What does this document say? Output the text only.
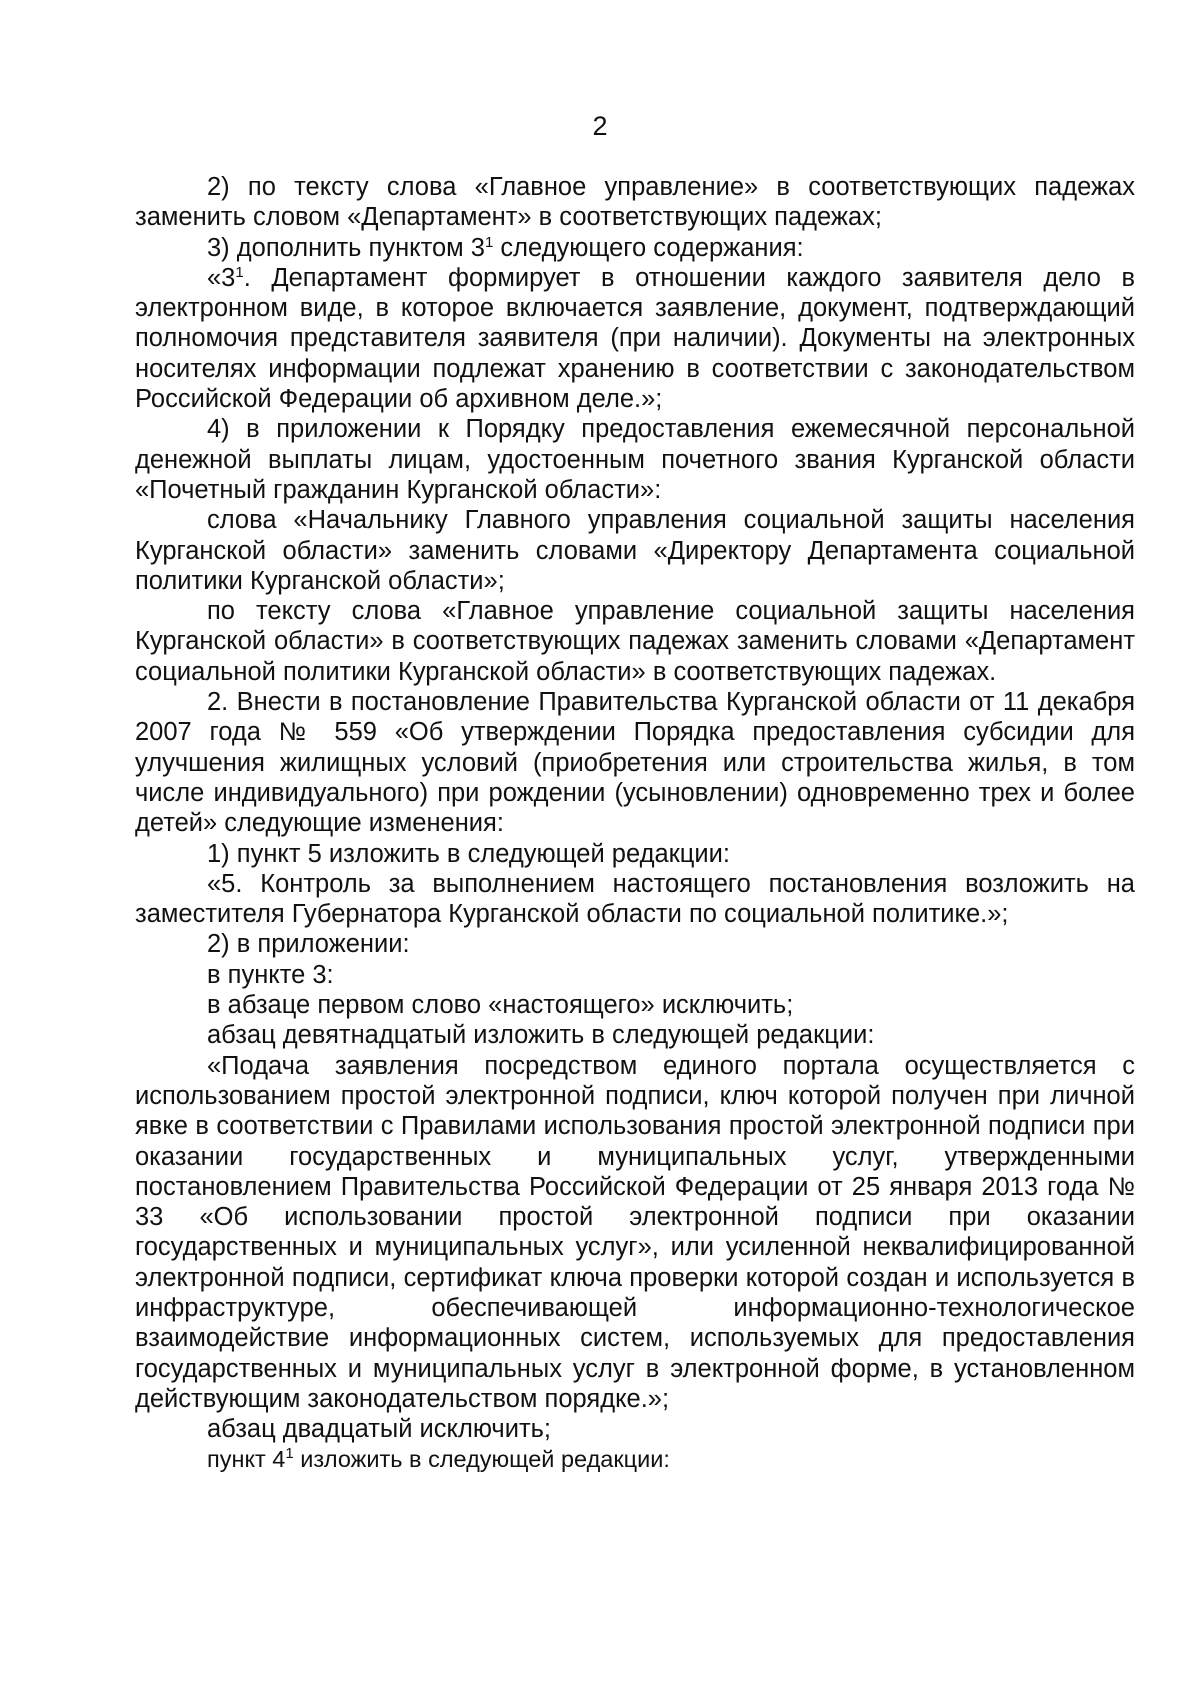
2

2) по тексту слова «Главное управление» в соответствующих падежах заменить словом «Департамент» в соответствующих падежах;

3) дополнить пунктом $3^1$ следующего содержания:

«$3^1$. Департамент формирует в отношении каждого заявителя дело в электронном виде, в которое включается заявление, документ, подтверждающий полномочия представителя заявителя (при наличии). Документы на электронных носителях информации подлежат хранению в соответствии с законодательством Российской Федерации об архивном деле.»;

4) в приложении к Порядку предоставления ежемесячной персональной денежной выплаты лицам, удостоенным почетного звания Курганской области «Почетный гражданин Курганской области»:

слова «Начальнику Главного управления социальной защиты населения Курганской области» заменить словами «Директору Департамента социальной политики Курганской области»;

по тексту слова «Главное управление социальной защиты населения Курганской области» в соответствующих падежах заменить словами «Департамент социальной политики Курганской области» в соответствующих падежах.

2. Внести в постановление Правительства Курганской области от 11 декабря 2007 года № 559 «Об утверждении Порядка предоставления субсидии для улучшения жилищных условий (приобретения или строительства жилья, в том числе индивидуального) при рождении (усыновлении) одновременно трех и более детей» следующие изменения:

1) пункт 5 изложить в следующей редакции:

«5. Контроль за выполнением настоящего постановления возложить на заместителя Губернатора Курганской области по социальной политике.»;

2) в приложении:

в пункте 3:

в абзаце первом слово «настоящего» исключить;

абзац девятнадцатый изложить в следующей редакции:

«Подача заявления посредством единого портала осуществляется с использованием простой электронной подписи, ключ которой получен при личной явке в соответствии с Правилами использования простой электронной подписи при оказании государственных и муниципальных услуг, утвержденными постановлением Правительства Российской Федерации от 25 января 2013 года № 33 «Об использовании простой электронной подписи при оказании государственных и муниципальных услуг», или усиленной неквалифицированной электронной подписи, сертификат ключа проверки которой создан и используется в инфраструктуре, обеспечивающей информационно-технологическое взаимодействие информационных систем, используемых для предоставления государственных и муниципальных услуг в электронной форме, в установленном действующим законодательством порядке.»;

абзац двадцатый исключить;

пункт $4^1$ изложить в следующей редакции:
